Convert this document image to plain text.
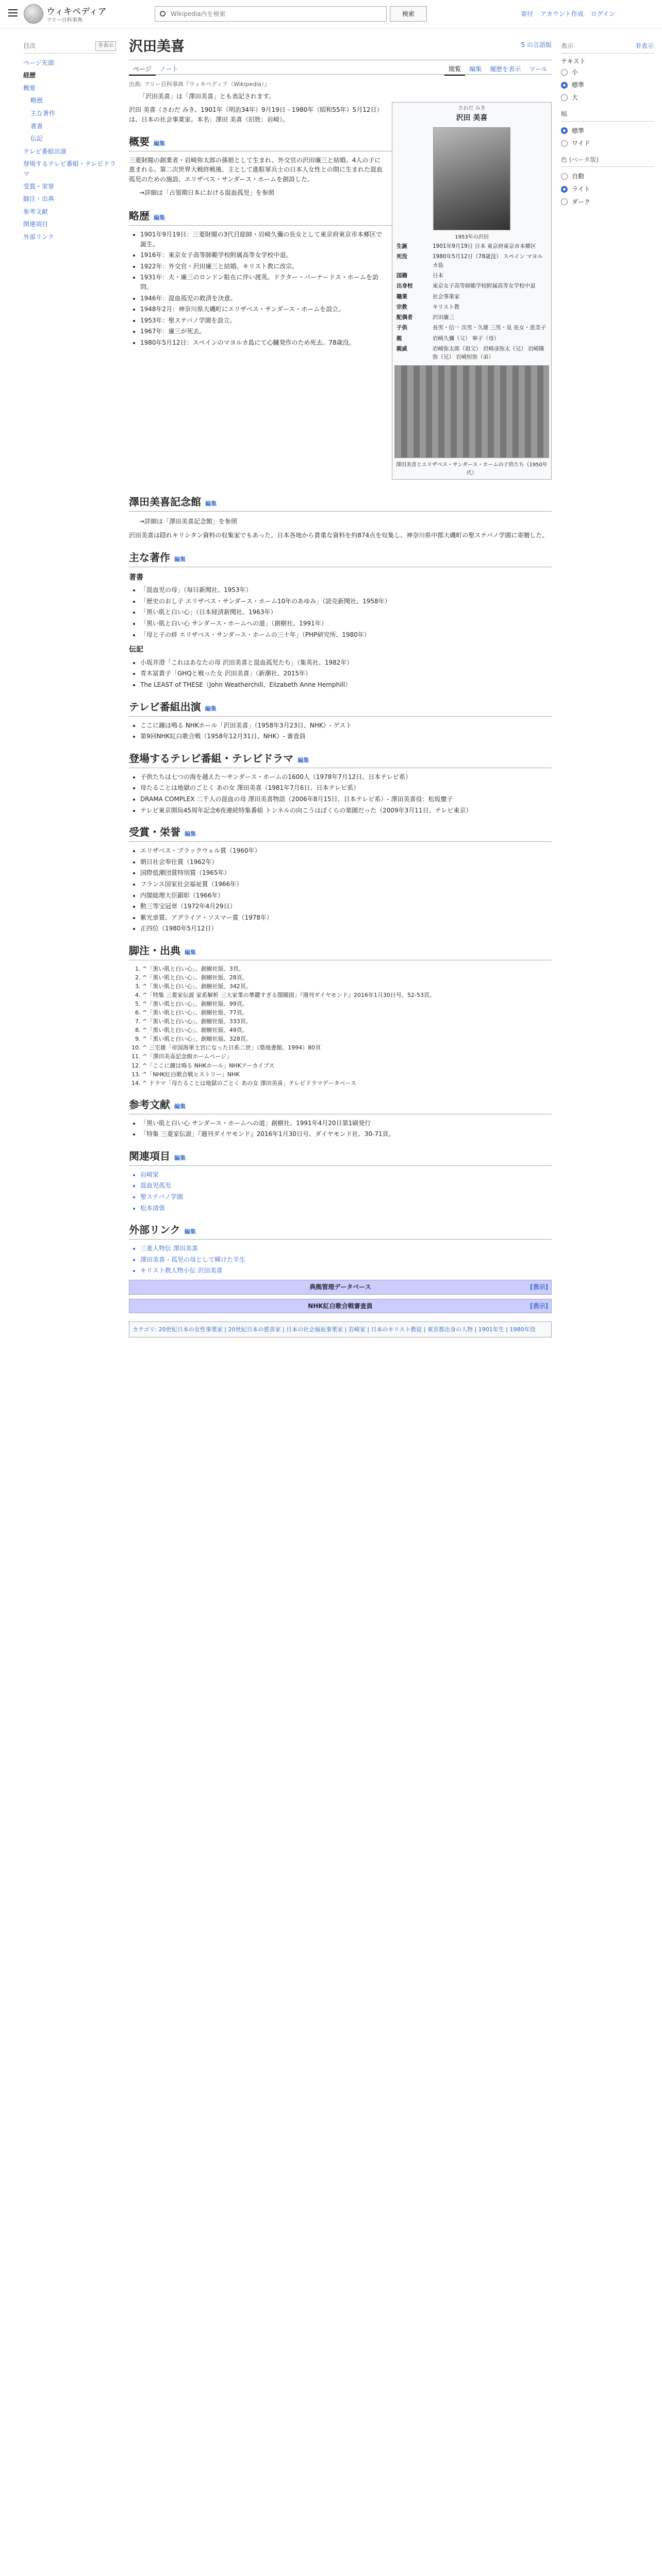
ウィキペディア
フリー百科事典
Wikipedia内を検索	検索	寄付 アカウント作成 ログイン
目次	非表示
ページ先頭
経歴
概要
略歴
主な著作
著書
伝記
テレビ番組出演
登場するテレビ番組・テレビドラマ
受賞・栄誉
脚注・出典
参考文献
関連項目
外部リンク
表示	非表示
テキスト
小
標準
大
幅
標準
ワイド
色 (ベータ版)
自動
ライト
ダーク
沢田美喜	5 の言語版
ページ ノート	閲覧 編集 履歴を表示 ツール
出典: フリー百科事典『ウィキペディア（Wikipedia）』
「沢田美喜」は「澤田美喜」とも表記されます。
さわだ みき
沢田 美喜
1953年の沢田
生誕	1901年9月19日 日本 東京府東京市本郷区
死没	1980年5月12日（78歳没） スペイン マヨルカ島
国籍	日本
出身校	東京女子高等師範学校附属高等女学校中退
職業	社会事業家
宗教	キリスト教
配偶者	沢田廉三
子供	長男・信一 次男・久雄 三男・晃 長女・恵美子
親	岩崎久彌（父） 寧子（母）
親戚	岩崎弥太郎（祖父） 岩崎彦弥太（兄） 岩崎隆弥（兄） 岩崎恒弥（弟）
澤田美喜とエリザベス・サンダース・ホームの子供たち（1950年代）

沢田 美喜（さわだ みき、1901年（明治34年）9月19日 - 1980年（昭和55年）5月12日）は、日本の社会事業家。本名：澤田 美喜（旧姓：岩崎）。

概要 編集

三菱財閥の創業者・岩崎弥太郎の孫娘として生まれ、外交官の沢田廉三と結婚。4人の子に恵まれる。第二次世界大戦終戦後、主として進駐軍兵士の日本人女性との間に生まれた混血孤児のための施設、エリザベス・サンダース・ホームを創設した。

→詳細は「占領期日本における混血孤児」を参照
略歴 編集
• 1901年9月19日：三菱財閥の3代目総帥・岩崎久彌の長女として東京府東京市本郷区で誕生。
• 1916年：東京女子高等師範学校附属高等女学校中退。
• 1922年：外交官・沢田廉三と結婚。キリスト教に改宗。
• 1931年：夫・廉三のロンドン駐在に伴い渡英。ドクター・バーナードス・ホームを訪問。
• 1946年：混血孤児の救済を決意。
• 1948年2月：神奈川県大磯町にエリザベス・サンダース・ホームを設立。
• 1953年：聖ステパノ学園を設立。
• 1967年：廉三が死去。
• 1980年5月12日：スペインのマヨルカ島にて心臓発作のため死去。78歳没。
澤田美喜記念館 編集
→詳細は「澤田美喜記念館」を参照

沢田美喜は隠れキリシタン資料の収集家でもあった。日本各地から貴重な資料を約874点を収集し、神奈川県中郡大磯町の聖ステパノ学園に寄贈した。

主な著作 編集
著書
• 「混血児の母」（毎日新聞社、1953年）
• 「歴史のおし子 エリザベス・サンダース・ホーム10年のあゆみ」（読売新聞社、1958年）
• 「黒い肌と白い心」（日本経済新聞社、1963年）
• 「黒い肌と白い心 サンダース・ホームへの道」（創樹社、1991年）
• 「母と子の絆 エリザベス・サンダース・ホームの三十年」（PHP研究所、1980年）
伝記
• 小坂井澄「これはあなたの母 沢田美喜と混血孤児たち」（集英社、1982年）
• 青木冨貴子「GHQと戦った女 沢田美喜」（新潮社、2015年）
• The LEAST of THESE（John Weatherchill、Elizabeth Anne Hemphill）
テレビ番組出演 編集
• ここに鐘は鳴る NHKホール「沢田美喜」（1958年3月23日、NHK）- ゲスト
• 第9回NHK紅白歌合戦（1958年12月31日、NHK）- 審査員
登場するテレビ番組・テレビドラマ 編集
• 子供たちは七つの海を越えた〜サンダース・ホームの1600人（1978年7月12日、日本テレビ系）
• 母たることは地獄のごとく あの女 澤田美喜（1981年7月6日、日本テレビ系）
• DRAMA COMPLEX 二千人の混血の母 澤田美喜物語（2006年8月15日、日本テレビ系）- 澤田美喜役：松坂慶子
• テレビ東京開局45周年記念6夜連続特集番組 トンネルの向こうはぼくらの楽園だった（2009年3月11日、テレビ東京）
受賞・栄誉 編集
• エリザベス・ブラックウェル賞（1960年）
• 朝日社会奉仕賞（1962年）
• 国際低潮団賞特別賞（1965年）
• フランス国家社会福祉賞（1966年）
• 内閣総理大臣顕彰（1966年）
• 勲三等宝冠章（1972年4月29日）
• 紫光章賞、アグライア・ソスマー賞（1978年）
• 正四位（1980年5月12日）
脚注・出典 編集
1. ^「黒い肌と白い心」、創樹社版、3頁。
2. ^「黒い肌と白い心」、創樹社版、28頁。
3. ^「黒い肌と白い心」、創樹社版、342頁。
4. ^「特集 三菱家伝説 家系解析 三大家業の華麗すぎる閨閥図」『週刊ダイヤモンド』2016年1月30日号、52-53頁。
5. ^「黒い肌と白い心」、創樹社版、99頁。
6. ^「黒い肌と白い心」、創樹社版、77頁。
7. ^「黒い肌と白い心」、創樹社版、333頁。
8. ^「黒い肌と白い心」、創樹社版、49頁。
9. ^「黒い肌と白い心」、創樹社版、328頁。
10. ^ 三宅雄「帝国海軍土官になった日系二世」（築地書館、1994）80頁
11. ^「澤田美喜記念館ホームページ」
12. ^「ここに鐘は鳴る NHKホール」NHKアーカイブス
13. ^「NHK紅白歌合戦ヒストリー」NHK
14. ^ ドラマ「母たることは地獄のごとく あの女 澤田美喜」テレビドラマデータベース
参考文献 編集
• 「黒い肌と白い心 サンダース・ホームへの道」創樹社、1991年4月20日第1刷発行
• 「特集 三菱家伝説」『週刊ダイヤモンド』2016年1月30日号、ダイヤモンド社、30-71頁。
関連項目 編集
• 岩崎家
• 混血児孤児
• 聖ステパノ学園
• 松本清張
外部リンク 編集
• 三菱人物伝 澤田美喜
• 澤田美喜 - 孤児の母として輝けた半生
• キリスト教人物小伝 沢田美喜
[表示]
典拠管理データベース
[表示]
NHK紅白歌合戦審査員
カテゴリ: 20世紀日本の女性事業家 | 20世紀日本の慈善家 | 日本の社会福祉事業家 | 岩崎家 | 日本のキリスト教徒 | 東京都出身の人物 | 1901年生 | 1980年没
